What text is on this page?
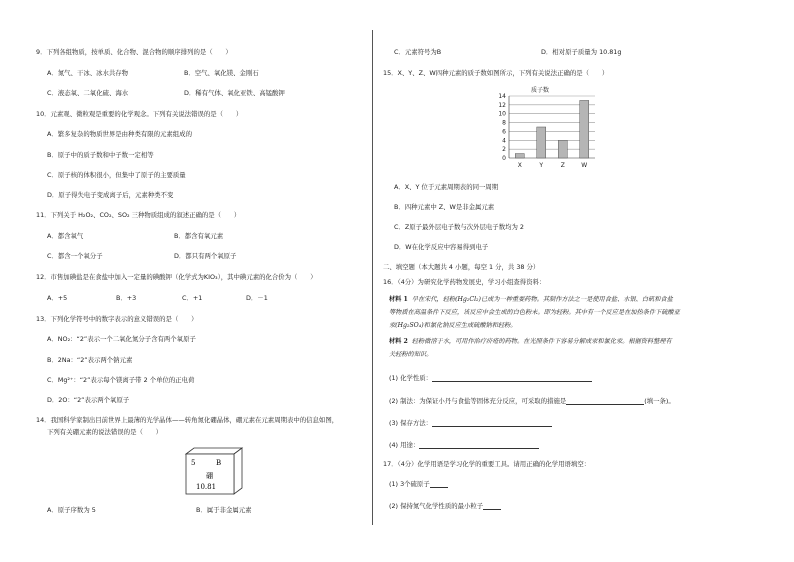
9．下列各组物质，按单质、化合物、混合物的顺序排列的是（　　）
A．氮气、干冰、冰水共存物	B．空气、氧化镁、金刚石
C．液态氧、二氧化硫、海水	D．稀有气体、氧化亚铁、高锰酸钾
10．元素观、微粒观是重要的化学观念。下列有关说法错误的是（　　）
A．繁多复杂的物质世界是由种类有限的元素组成的
B．原子中的质子数和中子数一定相等
C．原子核的体积很小，但集中了原子的主要质量
D．原子得失电子变成离子后，元素种类不变
11．下列关于 H₂O₂、CO₂、SO₂ 三种物质组成的叙述正确的是（　　）
A．都含氧气	B．都含有氧元素
C．都含一个氧分子	D．都只有两个氧原子
12．市售加碘盐是在食盐中加入一定量的碘酸钾（化学式为KIO₃），其中碘元素的化合价为（　　）
A．+5	B．+3	C．+1	D．－1
13．下列化学符号中的数字表示的意义错误的是（　　）
A．NO₂：“2”表示一个二氧化氮分子含有两个氧原子
B．2Na：“2”表示两个钠元素
C．Mg²⁺：“2”表示每个镁离子带 2 个单位的正电荷
D．2O：“2”表示两个氧原子
14．我国科学家制出目前世界上最薄的光学晶体——转角氮化硼晶体，硼元素在元素周期表中的信息如图，
下列有关硼元素的说法错误的是（　　）
5	B
硼
10.81
A．原子序数为 5	B．属于非金属元素
C．元素符号为B	D．相对原子质量为 10.81g
15．X、Y、Z、W四种元素的质子数如图所示，下列有关说法正确的是（　　）
质子数
0
2
4
6
8
10
12
14
X	Y	Z	W
A．X、Y 位于元素周期表的同一周期
B．四种元素中 Z、W是非金属元素
C．Z原子最外层电子数与次外层电子数均为 2
D．W在化学反应中容易得到电子
二、填空题（本大题共 4 小题，每空 1 分，共 38 分）
16．（4分）为研究化学药物发展史，学习小组查得资料：
材料 1 早在宋代，轻粉(Hg₂Cl₂)已成为一种重要药物。其制作方法之一是使用食盐、水银、白矾和食盐
等物质在高温条件下反应，该反应中会生成的白色粉末。即为轻粉。其中有一个反应是在加热条件下硫酸亚
汞(Hg₂SO₄)和氯化钠反应生成硫酸钠和轻粉。
材料 2 轻粉微溶于水，可用作治疗疥疮的药物。在光照条件下容易分解成汞和氯化汞。根据资料整理有
关轻粉的知识。
(1) 化学性质：
(2) 制法：为保证小丹与食盐等固体充分反应，可采取的措施是	(填一条)。
(3) 保存方法：
(4) 用途：
17．（4分）化学用语是学习化学的重要工具。请用正确的化学用语填空：
(1) 3个硫原子
(2) 保持氮气化学性质的最小粒子
